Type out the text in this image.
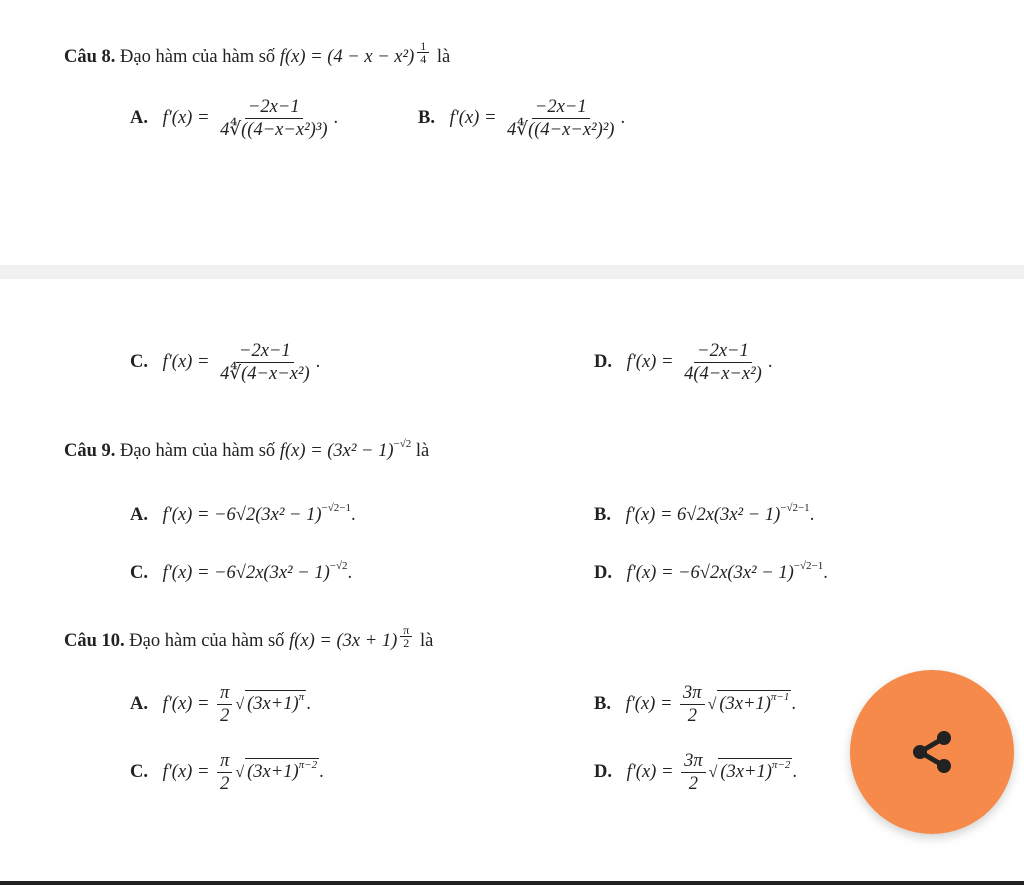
Câu 8. Đạo hàm của hàm số $f(x) = (4 - x - x^2) \frac{1}{4}$ là
A. $f'(x) = \frac{-2x-1}{\text{4∜((4−x−x²)³)}}$ .	B. $f'(x) = \frac{-2x-1}{\text{4∜((4−x−x²)²)}}$ .
C. $f'(x) = \frac{-2x-1}{\text{4∜(4−x−x²)}}$ .	D. $f'(x) = \frac{-2x-1}{\text{4(4−x−x²)}}$ .
Câu 9. Đạo hàm của hàm số $f(x) = (3x^2 - 1)^{-√2}$ là
A. $f'(x) = -6√2(3x^2 - 1)^{-√2-1}$.	B. $f'(x) = 6√2x(3x^2 - 1)^{-√2-1}$.
C. $f'(x) = -6√2x(3x^2 - 1)^{-√2}$.	D. $f'(x) = -6√2x(3x^2 - 1)^{-√2-1}$.
Câu 10. Đạo hàm của hàm số $f(x) = (3x + 1) \frac{\pi}{2}$ là
A. $f'(x) = \frac{\pi}{2}$ √ $(3x+1)^\pi$ .	B. $f'(x) = \frac{3\pi}{2}$ √ $(3x+1)^{\pi-1}$ .
C. $f'(x) = \frac{\pi}{2}$ √ $(3x+1)^{\pi-2}$ .	D. $f'(x) = \frac{3\pi}{2}$ √ $(3x+1)^{\pi-2}$ .
